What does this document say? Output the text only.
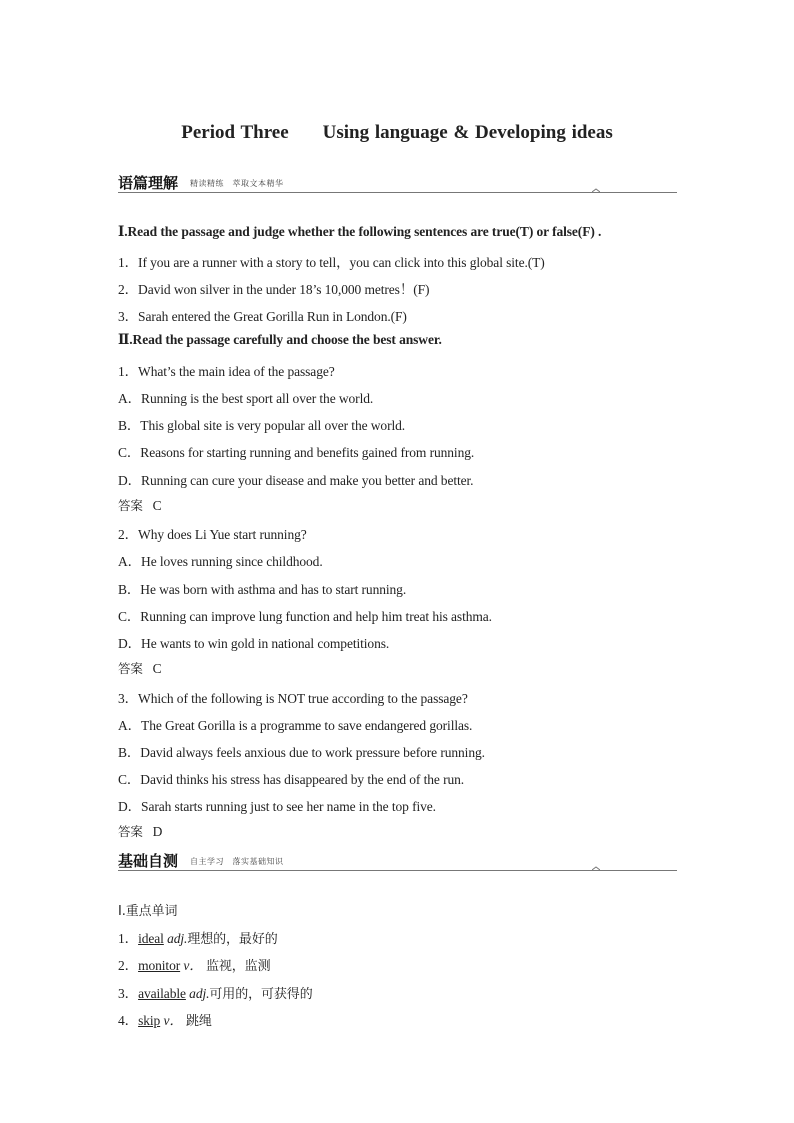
Period Three Using language & Developing ideas
语篇理解 精读精练　萃取文本精华
Ⅰ.Read the passage and judge whether the following sentences are true(T) or false(F) .
1．If you are a runner with a story to tell，you can click into this global site.(T)
2．David won silver in the under 18’s 10,000 metres！(F)
3．Sarah entered the Great Gorilla Run in London.(F)
Ⅱ.Read the passage carefully and choose the best answer.
1．What’s the main idea of the passage?
A．Running is the best sport all over the world.
B．This global site is very popular all over the world.
C．Reasons for starting running and benefits gained from running.
D．Running can cure your disease and make you better and better.
答案 C
2．Why does Li Yue start running?
A．He loves running since childhood.
B．He was born with asthma and has to start running.
C．Running can improve lung function and help him treat his asthma.
D．He wants to win gold in national competitions.
答案 C
3．Which of the following is NOT true according to the passage?
A．The Great Gorilla is a programme to save endangered gorillas.
B．David always feels anxious due to work pressure before running.
C．David thinks his stress has disappeared by the end of the run.
D．Sarah starts running just to see her name in the top five.
答案 D
基础自测 自主学习　落实基础知识
Ⅰ.重点单词
1．ideal adj.理想的，最好的
2．monitor v． 监视，监测
3．available adj.可用的，可获得的
4．skip v． 跳绳
